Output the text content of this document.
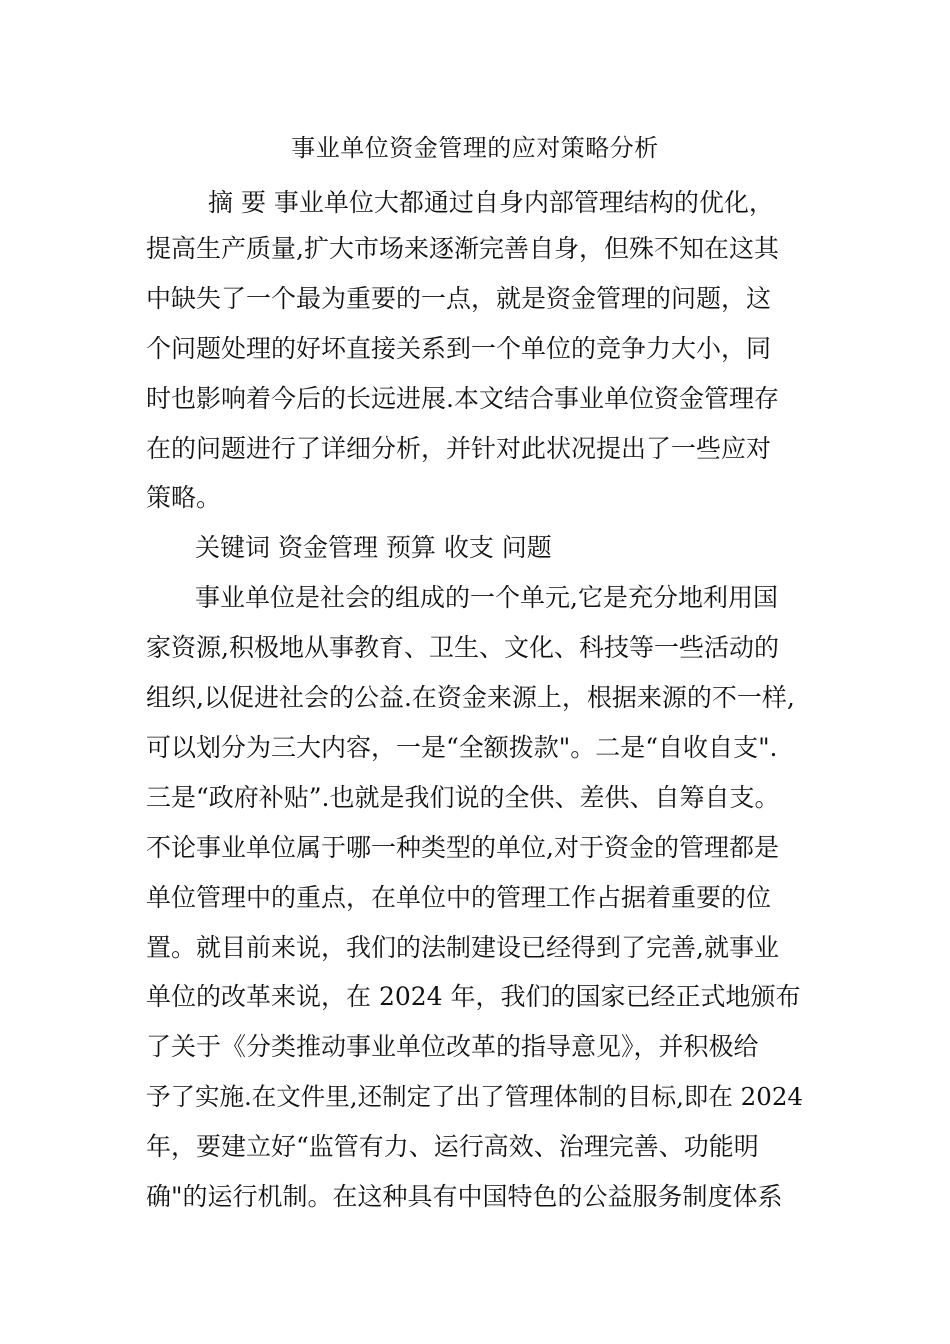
事业单位资金管理的应对策略分析
摘 要 事业单位大都通过自身内部管理结构的优化，
提高生产质量,扩大市场来逐渐完善自身，但殊不知在这其
中缺失了一个最为重要的一点，就是资金管理的问题，这
个问题处理的好坏直接关系到一个单位的竞争力大小，同
时也影响着今后的长远进展.本文结合事业单位资金管理存
在的问题进行了详细分析，并针对此状况提出了一些应对
策略。
关键词 资金管理 预算 收支 问题
事业单位是社会的组成的一个单元,它是充分地利用国
家资源,积极地从事教育、卫生、文化、科技等一些活动的
组织,以促进社会的公益.在资金来源上，根据来源的不一样,
可以划分为三大内容，一是“全额拨款"。二是“自收自支".
三是“政府补贴”.也就是我们说的全供、差供、自筹自支。
不论事业单位属于哪一种类型的单位,对于资金的管理都是
单位管理中的重点，在单位中的管理工作占据着重要的位
置。就目前来说，我们的法制建设已经得到了完善,就事业
单位的改革来说，在 2024 年，我们的国家已经正式地颁布
了关于《分类推动事业单位改革的指导意见》，并积极给
予了实施.在文件里,还制定了出了管理体制的目标,即在 2024
年，要建立好“监管有力、运行高效、治理完善、功能明
确"的运行机制。在这种具有中国特色的公益服务制度体系
